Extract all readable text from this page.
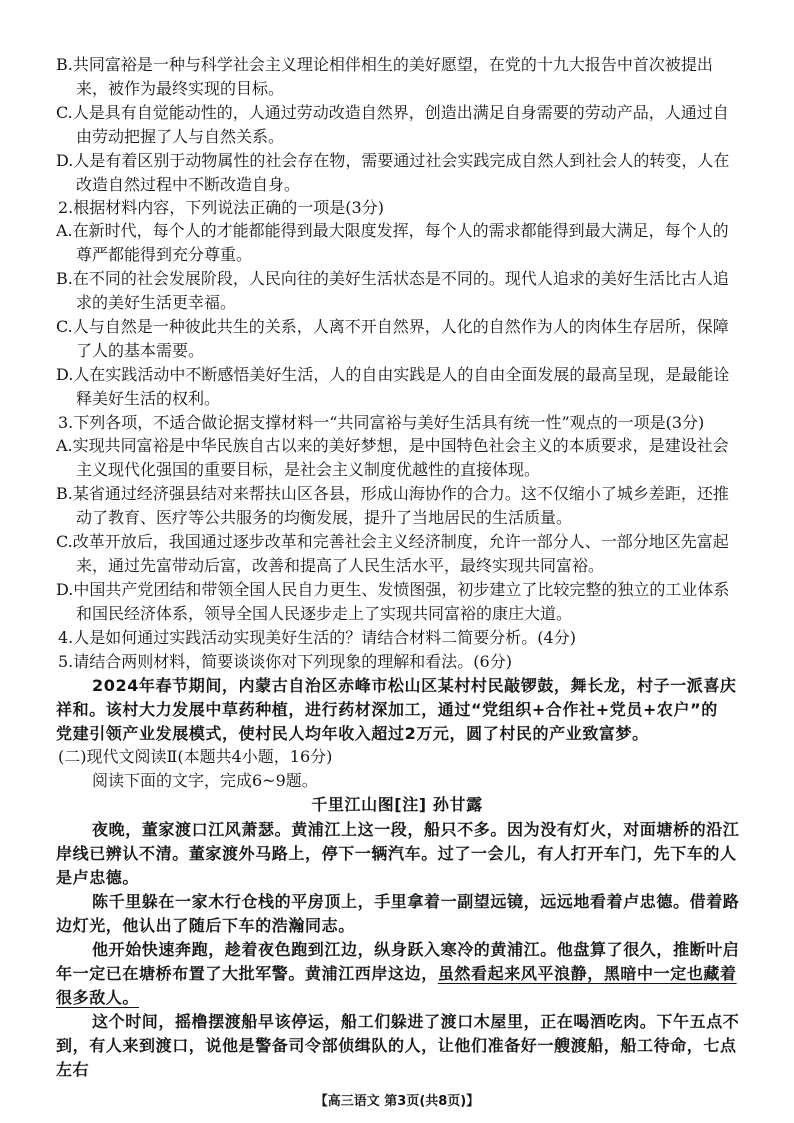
B.共同富裕是一种与科学社会主义理论相伴相生的美好愿望，在党的十九大报告中首次被提出
来，被作为最终实现的目标。
C.人是具有自觉能动性的，人通过劳动改造自然界，创造出满足自身需要的劳动产品，人通过自
由劳动把握了人与自然关系。
D.人是有着区别于动物属性的社会存在物，需要通过社会实践完成自然人到社会人的转变，人在
改造自然过程中不断改造自身。
2.根据材料内容，下列说法正确的一项是(3分)
A.在新时代，每个人的才能都能得到最大限度发挥，每个人的需求都能得到最大满足，每个人的
尊严都能得到充分尊重。
B.在不同的社会发展阶段，人民向往的美好生活状态是不同的。现代人追求的美好生活比古人追
求的美好生活更幸福。
C.人与自然是一种彼此共生的关系，人离不开自然界，人化的自然作为人的肉体生存居所，保障
了人的基本需要。
D.人在实践活动中不断感悟美好生活，人的自由实践是人的自由全面发展的最高呈现，是最能诠
释美好生活的权利。
3.下列各项，不适合做论据支撑材料一“共同富裕与美好生活具有统一性”观点的一项是(3分)
A.实现共同富裕是中华民族自古以来的美好梦想，是中国特色社会主义的本质要求，是建设社会
主义现代化强国的重要目标，是社会主义制度优越性的直接体现。
B.某省通过经济强县结对来帮扶山区各县，形成山海协作的合力。这不仅缩小了城乡差距，还推
动了教育、医疗等公共服务的均衡发展，提升了当地居民的生活质量。
C.改革开放后，我国通过逐步改革和完善社会主义经济制度，允许一部分人、一部分地区先富起
来，通过先富带动后富，改善和提高了人民生活水平，最终实现共同富裕。
D.中国共产党团结和带领全国人民自力更生、发愤图强，初步建立了比较完整的独立的工业体系
和国民经济体系，领导全国人民逐步走上了实现共同富裕的康庄大道。
4.人是如何通过实践活动实现美好生活的？请结合材料二简要分析。(4分)
5.请结合两则材料，简要谈谈你对下列现象的理解和看法。(6分)
2024年春节期间，内蒙古自治区赤峰市松山区某村村民敲锣鼓，舞长龙，村子一派喜庆
祥和。该村大力发展中草药种植，进行药材深加工，通过“党组织+合作社+党员+农户”的
党建引领产业发展模式，使村民人均年收入超过2万元，圆了村民的产业致富梦。
(二)现代文阅读Ⅱ(本题共4小题，16分)
阅读下面的文字，完成6~9题。
千里江山图[注] 孙甘露
夜晚，董家渡口江风萧瑟。黄浦江上这一段，船只不多。因为没有灯火，对面塘桥的沿江
岸线已辨认不清。董家渡外马路上，停下一辆汽车。过了一会儿，有人打开车门，先下车的人
是卢忠德。
陈千里躲在一家木行仓栈的平房顶上，手里拿着一副望远镜，远远地看着卢忠德。借着路
边灯光，他认出了随后下车的浩瀚同志。
他开始快速奔跑，趁着夜色跑到江边，纵身跃入寒冷的黄浦江。他盘算了很久，推断叶启
年一定已在塘桥布置了大批军警。黄浦江西岸这边，虽然看起来风平浪静，黑暗中一定也藏着
很多敌人。
这个时间，摇橹摆渡船早该停运，船工们躲进了渡口木屋里，正在喝酒吃肉。下午五点不
到，有人来到渡口，说他是警备司令部侦缉队的人，让他们准备好一艘渡船，船工待命，七点
左右
【高三语文 第3页(共8页)】
